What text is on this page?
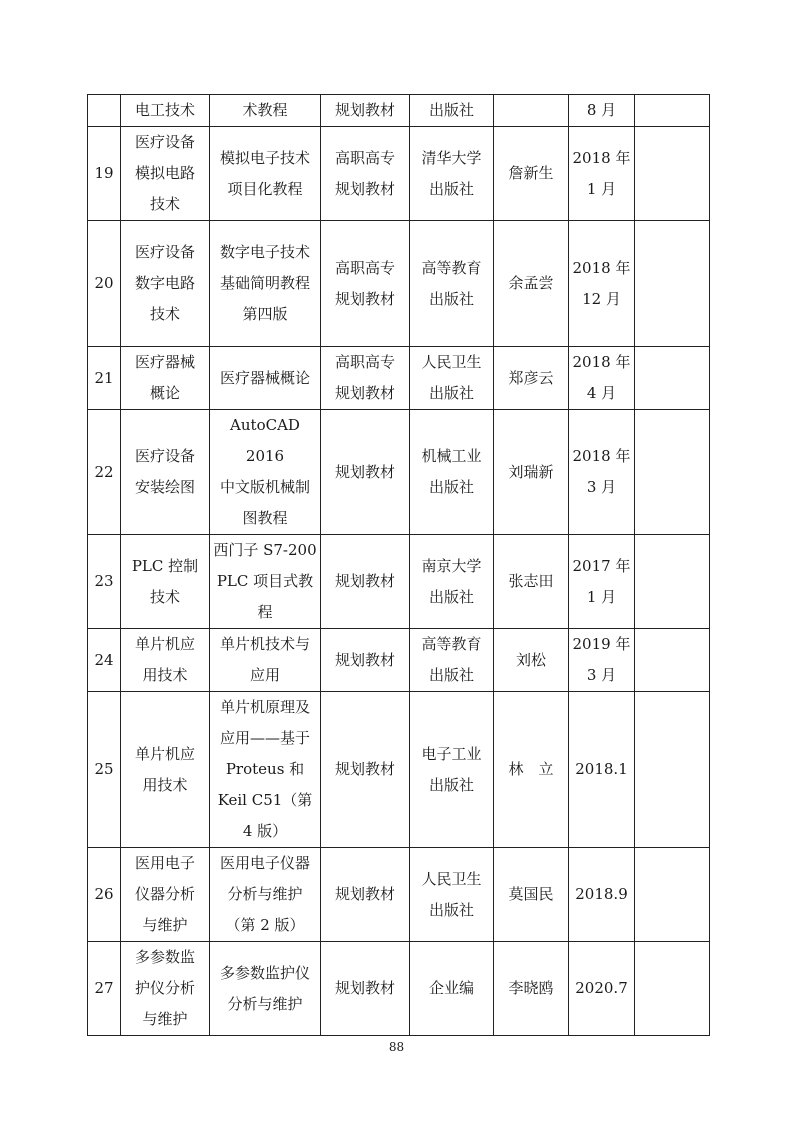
	电工技术	术教程	规划教材	出版社		8 月	

19	医疗设备
模拟电路
技术	模拟电子技术
项目化教程	高职高专
规划教材	清华大学
出版社	詹新生	2018 年
1 月	

20	医疗设备
数字电路
技术	数字电子技术
基础简明教程
第四版	高职高专
规划教材	高等教育
出版社	余孟尝	2018 年
12 月	

21	医疗器械
概论	医疗器械概论	高职高专
规划教材	人民卫生
出版社	郑彦云	2018 年
4 月	

22	医疗设备
安装绘图	AutoCAD 2016
中文版机械制
图教程	规划教材	机械工业
出版社	刘瑞新	2018 年
3 月	

23	PLC 控制
技术	西门子 S7-200
PLC 项目式教
程	规划教材	南京大学
出版社	张志田	2017 年
1 月	

24	单片机应
用技术	单片机技术与
应用	规划教材	高等教育
出版社	刘松	2019 年
3 月	

25	单片机应
用技术	单片机原理及
应用——基于
Proteus 和
Keil C51（第
4 版）	规划教材	电子工业
出版社	林　立	2018.1	

26	医用电子
仪器分析
与维护	医用电子仪器
分析与维护
（第 2 版）	规划教材	人民卫生
出版社	莫国民	2018.9	

27	多参数监
护仪分析
与维护	多参数监护仪
分析与维护	规划教材	企业编	李晓鸥	2020.7	

88
